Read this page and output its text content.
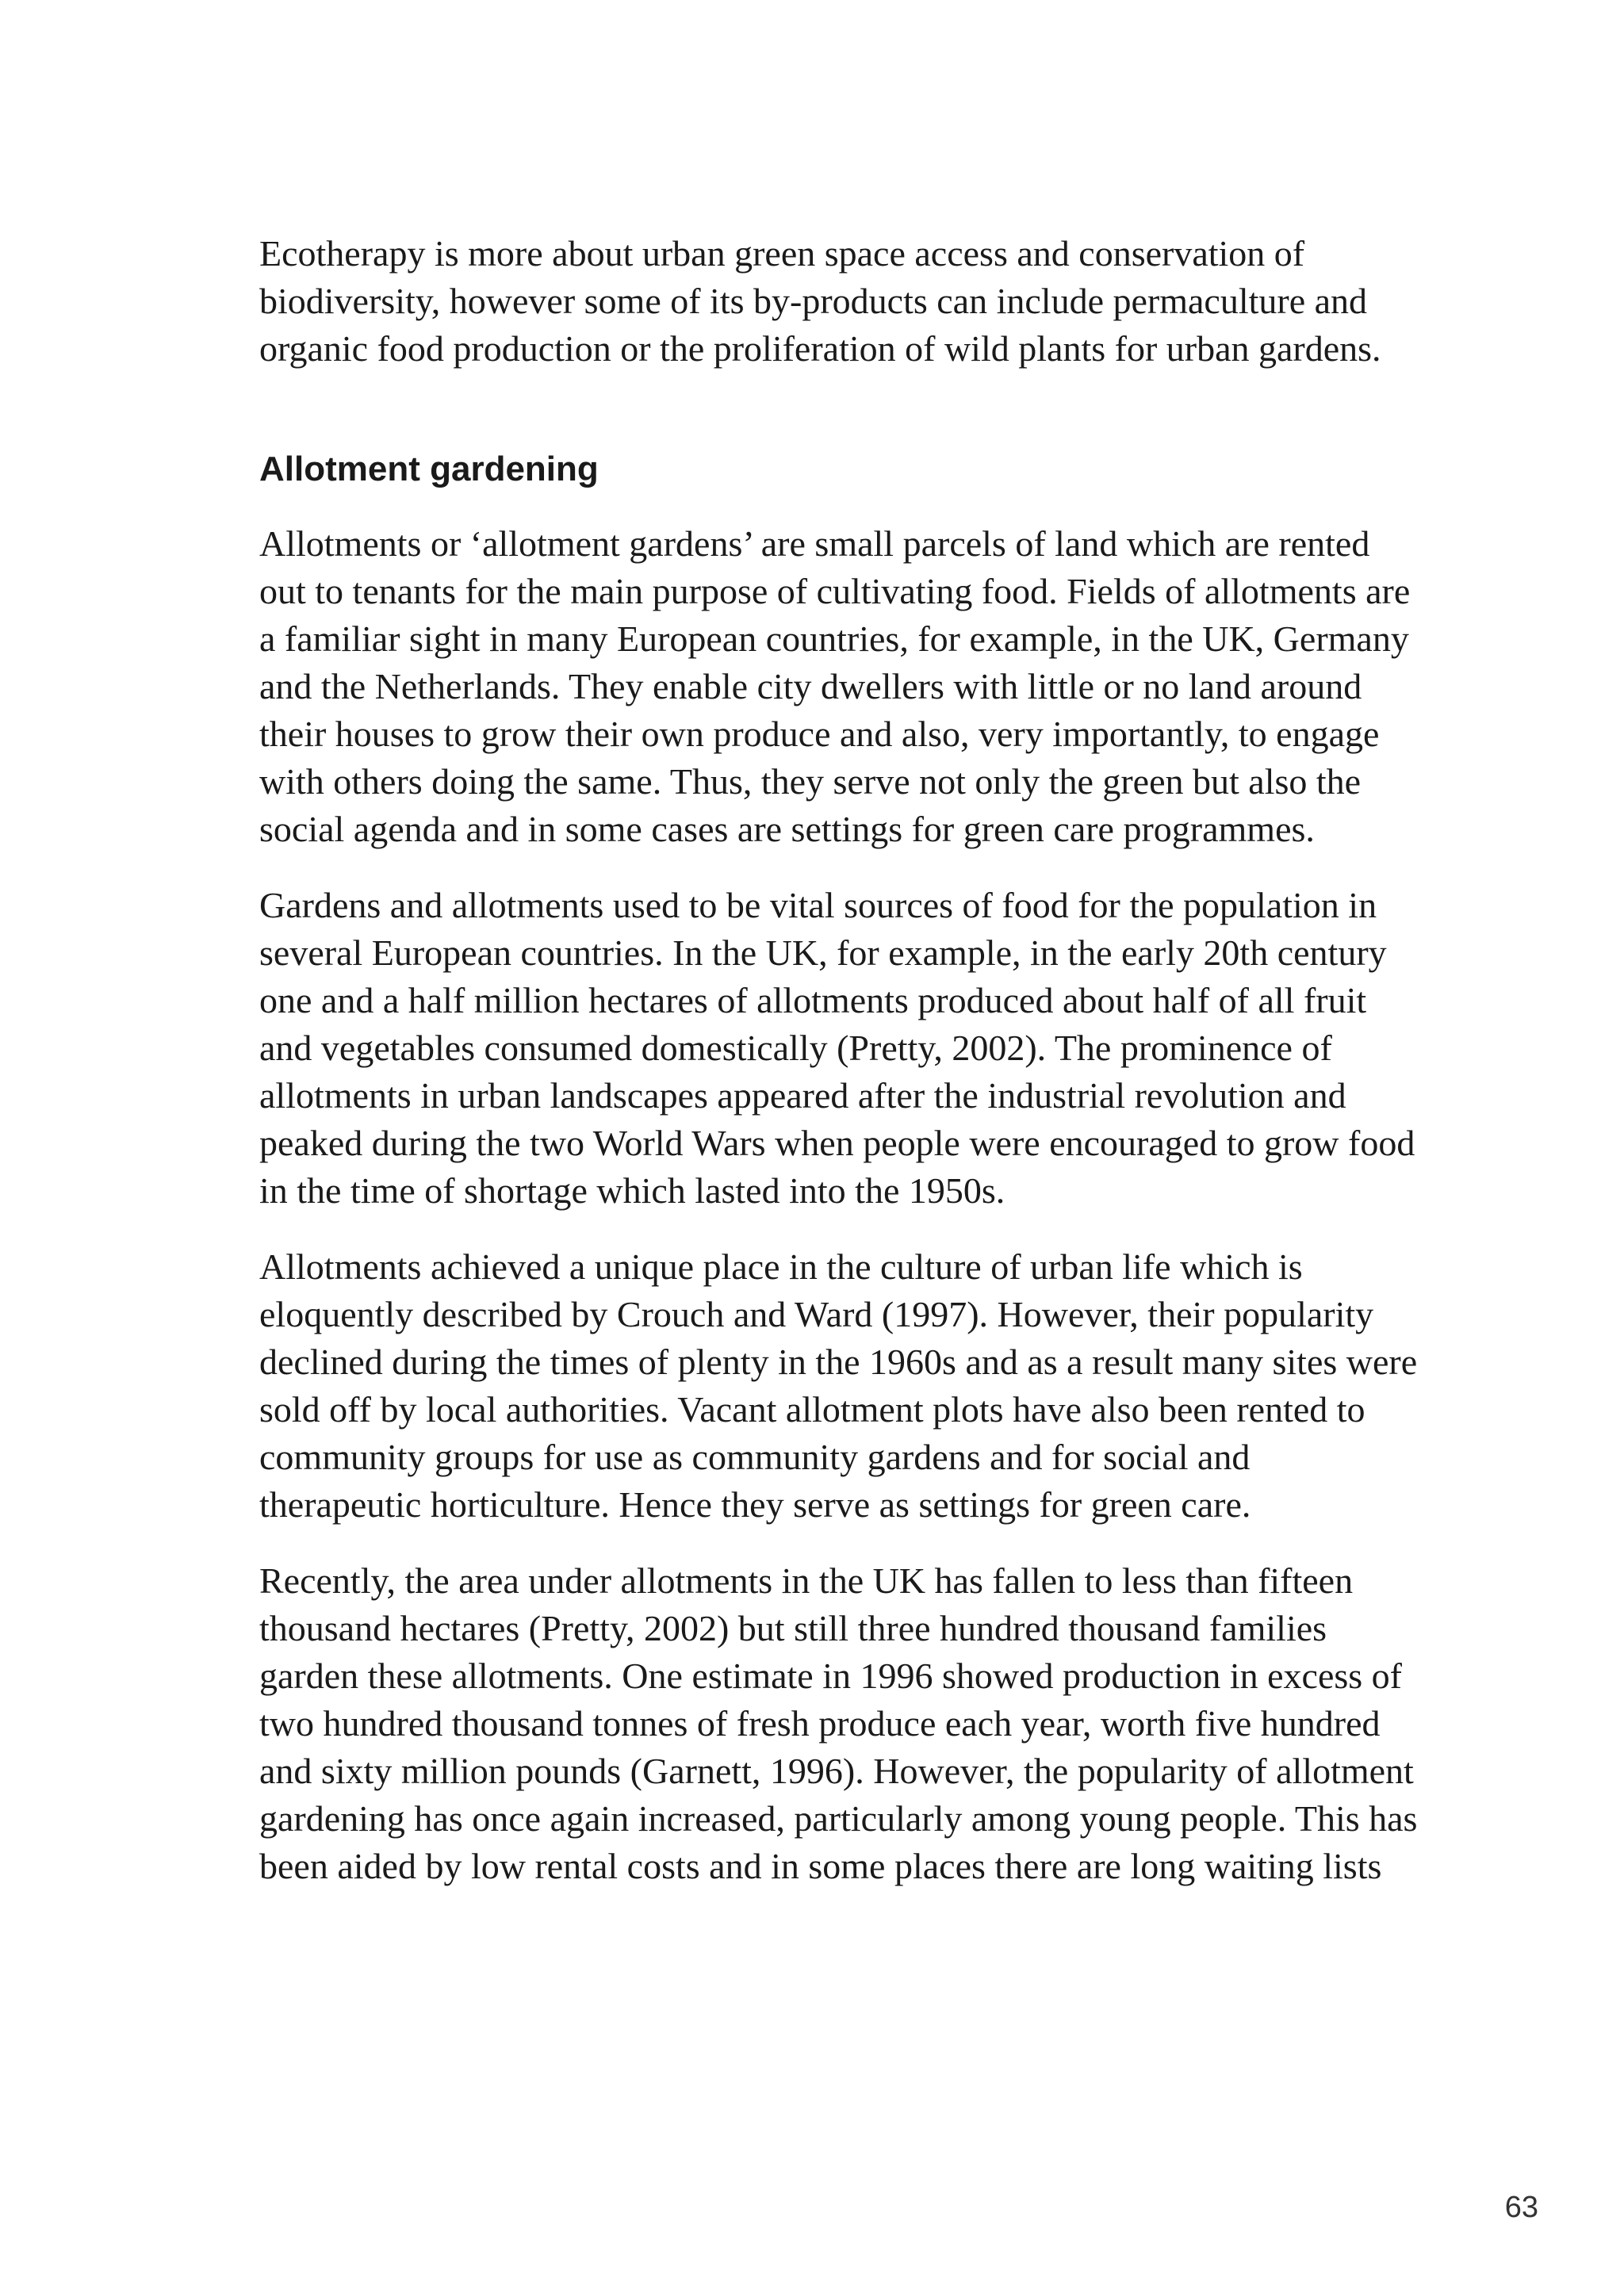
Ecotherapy is more about urban green space access and conservation of biodiversity, however some of its by-products can include permaculture and organic food production or the proliferation of wild plants for urban gardens.

Allotment gardening

Allotments or ‘allotment gardens’ are small parcels of land which are rented out to tenants for the main purpose of cultivating food. Fields of allotments are a familiar sight in many European countries, for example, in the UK, Germany and the Netherlands. They enable city dwellers with little or no land around their houses to grow their own produce and also, very importantly, to engage with others doing the same. Thus, they serve not only the green but also the social agenda and in some cases are settings for green care programmes.

Gardens and allotments used to be vital sources of food for the population in several European countries. In the UK, for example, in the early 20th century one and a half million hectares of allotments produced about half of all fruit and vegetables consumed domestically (Pretty, 2002). The prominence of allotments in urban landscapes appeared after the industrial revolution and peaked during the two World Wars when people were encouraged to grow food in the time of shortage which lasted into the 1950s.

Allotments achieved a unique place in the culture of urban life which is eloquently described by Crouch and Ward (1997). However, their popularity declined during the times of plenty in the 1960s and as a result many sites were sold off by local authorities. Vacant allotment plots have also been rented to community groups for use as community gardens and for social and therapeutic horticulture. Hence they serve as settings for green care.

Recently, the area under allotments in the UK has fallen to less than fifteen thousand hectares (Pretty, 2002) but still three hundred thousand families garden these allotments. One estimate in 1996 showed production in excess of two hundred thousand tonnes of fresh produce each year, worth five hundred and sixty million pounds (Garnett, 1996). However, the popularity of allotment gardening has once again increased, particularly among young people. This has been aided by low rental costs and in some places there are long waiting lists

63
